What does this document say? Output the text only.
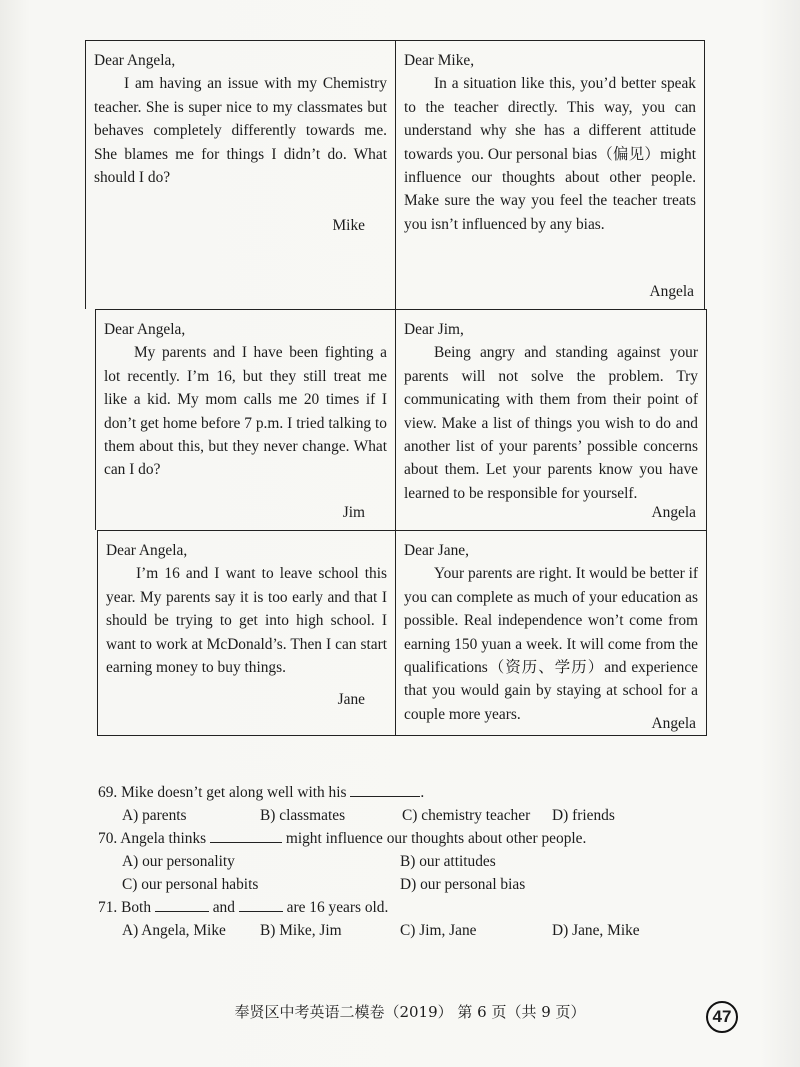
Dear Angela,
I am having an issue with my Chemistry teacher. She is super nice to my classmates but behaves completely differently towards me. She blames me for things I didn’t do. What should I do?
Mike
Dear Mike,
In a situation like this, you’d better speak to the teacher directly. This way, you can understand why she has a different attitude towards you. Our personal bias（偏见）might influence our thoughts about other people. Make sure the way you feel the teacher treats you isn’t influenced by any bias.
Angela
Dear Angela,
My parents and I have been fighting a lot recently. I’m 16, but they still treat me like a kid. My mom calls me 20 times if I don’t get home before 7 p.m. I tried talking to them about this, but they never change. What can I do?
Jim
Dear Jim,
Being angry and standing against your parents will not solve the problem. Try communicating with them from their point of view. Make a list of things you wish to do and another list of your parents’ possible concerns about them. Let your parents know you have learned to be responsible for yourself.
Angela
Dear Angela,
I’m 16 and I want to leave school this year. My parents say it is too early and that I should be trying to get into high school. I want to work at McDonald’s. Then I can start earning money to buy things.
Jane
Dear Jane,
Your parents are right. It would be better if you can complete as much of your education as possible. Real independence won’t come from earning 150 yuan a week. It will come from the qualifications（资历、学历）and experience that you would gain by staying at school for a couple more years.
Angela
69. Mike doesn’t get along well with his	.
A) parents	B) classmates	C) chemistry teacher D) friends
70. Angela thinks	might influence our thoughts about other people.
A) our personality	B) our attitudes
C) our personal habits	D) our personal bias
71. Both	and	are 16 years old.
A) Angela, Mike B) Mike, Jim	C) Jim, Jane	D) Jane, Mike
奉贤区中考英语二模卷（2019） 第 6 页（共 9 页）	47
